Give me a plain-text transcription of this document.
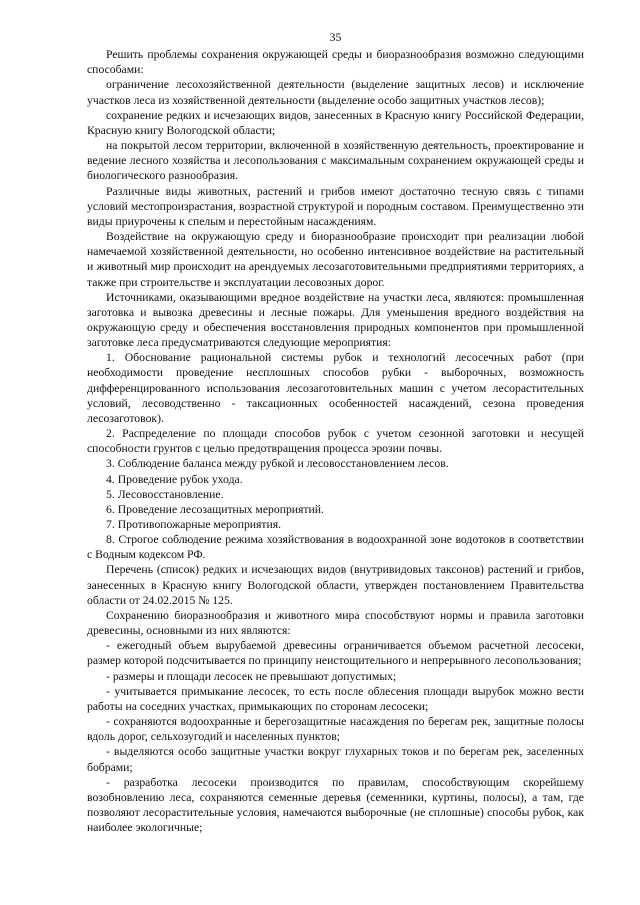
35

Решить проблемы сохранения окружающей среды и биоразнообразия возможно следующими способами:

ограничение лесохозяйственной деятельности (выделение защитных лесов) и исключение участков леса из хозяйственной деятельности (выделение особо защитных участков лесов);

сохранение редких и исчезающих видов, занесенных в Красную книгу Российской Федерации, Красную книгу Вологодской области;

на покрытой лесом территории, включенной в хозяйственную деятельность, проектирование и ведение лесного хозяйства и лесопользования с максимальным сохранением окружающей среды и биологического разнообразия.

Различные виды животных, растений и грибов имеют достаточно тесную связь с типами условий местопроизрастания, возрастной структурой и породным составом. Преимущественно эти виды приурочены к спелым и перестойным насаждениям.

Воздействие на окружающую среду и биоразнообразие происходит при реализации любой намечаемой хозяйственной деятельности, но особенно интенсивное воздействие на растительный и животный мир происходит на арендуемых лесозаготовительными предприятиями территориях, а также при строительстве и эксплуатации лесовозных дорог.

Источниками, оказывающими вредное воздействие на участки леса, являются: промышленная заготовка и вывозка древесины и лесные пожары. Для уменьшения вредного воздействия на окружающую среду и обеспечения восстановления природных компонентов при промышленной заготовке леса предусматриваются следующие мероприятия:

1. Обоснование рациональной системы рубок и технологий лесосечных работ (при необходимости проведение несплошных способов рубки - выборочных, возможность дифференцированного использования лесозаготовительных машин с учетом лесорастительных условий, лесоводственно - таксационных особенностей насаждений, сезона проведения лесозаготовок).

2. Распределение по площади способов рубок с учетом сезонной заготовки и несущей способности грунтов с целью предотвращения процесса эрозии почвы.

3. Соблюдение баланса между рубкой и лесовосстановлением лесов.

4. Проведение рубок ухода.

5. Лесовосстановление.

6. Проведение лесозащитных мероприятий.

7. Противопожарные мероприятия.

8. Строгое соблюдение режима хозяйствования в водоохранной зоне водотоков в соответствии с Водным кодексом РФ.

Перечень (список) редких и исчезающих видов (внутривидовых таксонов) растений и грибов, занесенных в Красную книгу Вологодской области, утвержден постановлением Правительства области от 24.02.2015 № 125.

Сохранению биоразнообразия и животного мира способствуют нормы и правила заготовки древесины, основными из них являются:

- ежегодный объем вырубаемой древесины ограничивается объемом расчетной лесосеки, размер которой подсчитывается по принципу неистощительного и непрерывного лесопользования;

- размеры и площади лесосек не превышают допустимых;

- учитывается примыкание лесосек, то есть после облесения площади вырубок можно вести работы на соседних участках, примыкающих по сторонам лесосеки;

- сохраняются водоохранные и берегозащитные насаждения по берегам рек, защитные полосы вдоль дорог, сельхозугодий и населенных пунктов;

- выделяются особо защитные участки вокруг глухарных токов и по берегам рек, заселенных бобрами;

- разработка лесосеки производится по правилам, способствующим скорейшему возобновлению леса, сохраняются семенные деревья (семенники, куртины, полосы), а там, где позволяют лесорастительные условия, намечаются выборочные (не сплошные) способы рубок, как наиболее экологичные;
